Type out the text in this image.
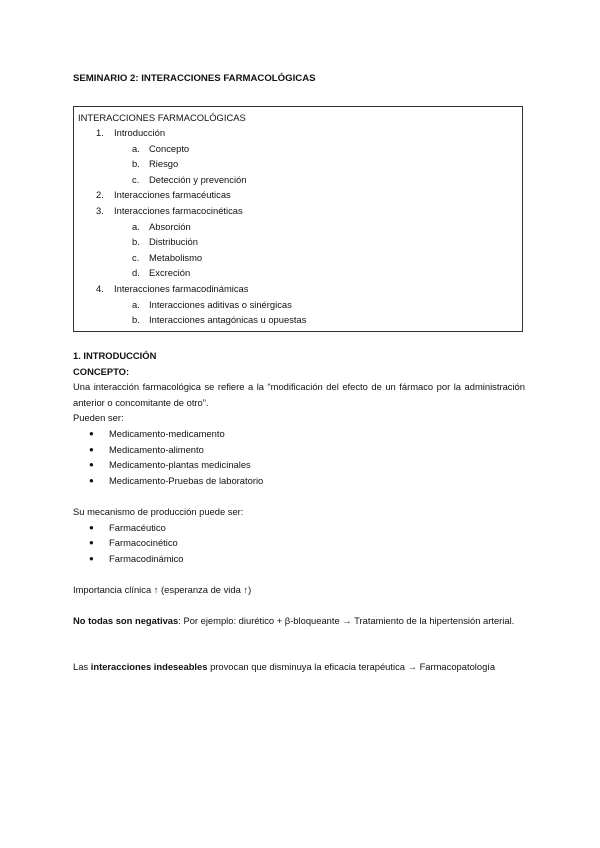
SEMINARIO 2: INTERACCIONES FARMACOLÓGICAS
INTERACCIONES FARMACOLÓGICAS
1. Introducción
a. Concepto
b. Riesgo
c. Detección y prevención
2. Interacciones farmacéuticas
3. Interacciones farmacocinéticas
a. Absorción
b. Distribución
c. Metabolismo
d. Excreción
4. Interacciones farmacodinámicas
a. Interacciones aditivas o sinérgicas
b. Interacciones antagónicas u opuestas
1. INTRODUCCIÓN
CONCEPTO:
Una interacción farmacológica se refiere a la “modificación del efecto de un fármaco por la administración anterior o concomitante de otro”.
Pueden ser:
● Medicamento-medicamento
● Medicamento-alimento
● Medicamento-plantas medicinales
● Medicamento-Pruebas de laboratorio
Su mecanismo de producción puede ser:
● Farmacéutico
● Farmacocinético
● Farmacodinámico
Importancia clínica ↑ (esperanza de vida ↑)
No todas son negativas: Por ejemplo: diurético + β-bloqueante → Tratamiento de la hipertensión arterial.
Las interacciones indeseables provocan que disminuya la eficacia terapéutica → Farmacopatología
